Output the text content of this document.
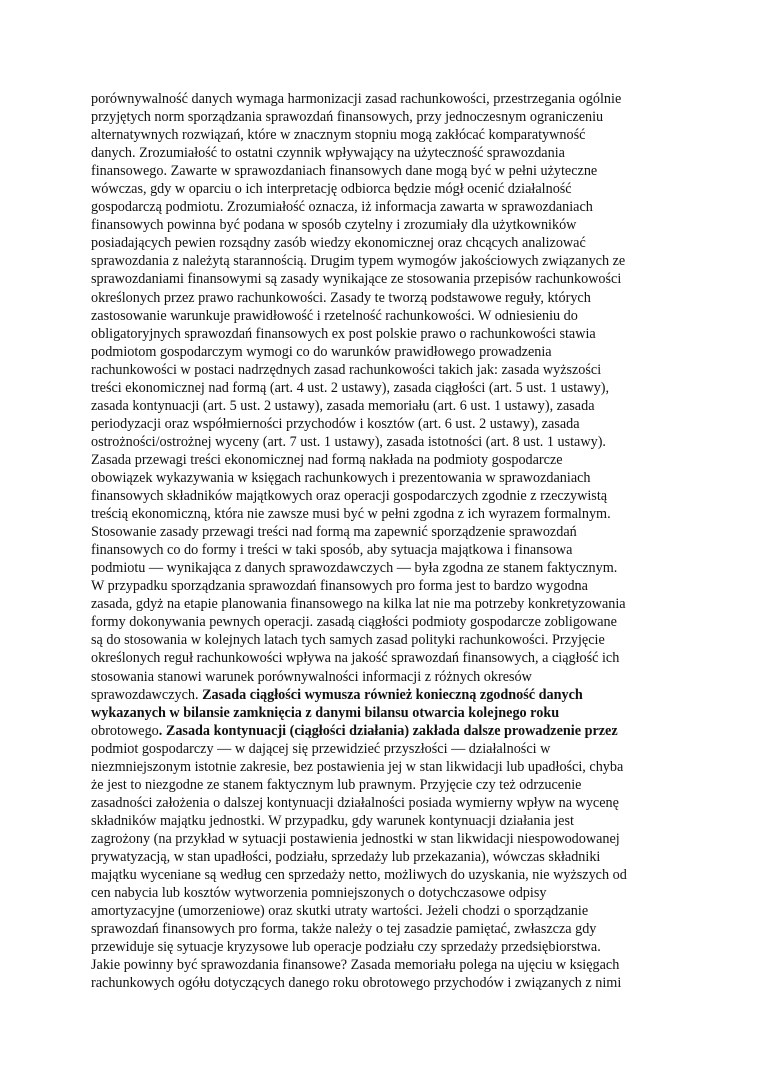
porównywalność danych wymaga harmonizacji zasad rachunkowości, przestrzegania ogólnie
przyjętych norm sporządzania sprawozdań finansowych, przy jednoczesnym ograniczeniu
alternatywnych rozwiązań, które w znacznym stopniu mogą zakłócać komparatywność
danych. Zrozumiałość to ostatni czynnik wpływający na użyteczność sprawozdania
finansowego. Zawarte w sprawozdaniach finansowych dane mogą być w pełni użyteczne
wówczas, gdy w oparciu o ich interpretację odbiorca będzie mógł ocenić działalność
gospodarczą podmiotu. Zrozumiałość oznacza, iż informacja zawarta w sprawozdaniach
finansowych powinna być podana w sposób czytelny i zrozumiały dla użytkowników
posiadających pewien rozsądny zasób wiedzy ekonomicznej oraz chcących analizować
sprawozdania z należytą starannością. Drugim typem wymogów jakościowych związanych ze
sprawozdaniami finansowymi są zasady wynikające ze stosowania przepisów rachunkowości
określonych przez prawo rachunkowości. Zasady te tworzą podstawowe reguły, których
zastosowanie warunkuje prawidłowość i rzetelność rachunkowości. W odniesieniu do
obligatoryjnych sprawozdań finansowych ex post polskie prawo o rachunkowości stawia
podmiotom gospodarczym wymogi co do warunków prawidłowego prowadzenia
rachunkowości w postaci nadrzędnych zasad rachunkowości takich jak: zasada wyższości
treści ekonomicznej nad formą (art. 4 ust. 2 ustawy), zasada ciągłości (art. 5 ust. 1 ustawy),
zasada kontynuacji (art. 5 ust. 2 ustawy), zasada memoriału (art. 6 ust. 1 ustawy), zasada
periodyzacji oraz współmierności przychodów i kosztów (art. 6 ust. 2 ustawy), zasada
ostrożności/ostrożnej wyceny (art. 7 ust. 1 ustawy), zasada istotności (art. 8 ust. 1 ustawy).
Zasada przewagi treści ekonomicznej nad formą nakłada na podmioty gospodarcze
obowiązek wykazywania w księgach rachunkowych i prezentowania w sprawozdaniach
finansowych składników majątkowych oraz operacji gospodarczych zgodnie z rzeczywistą
treścią ekonomiczną, która nie zawsze musi być w pełni zgodna z ich wyrazem formalnym.
Stosowanie zasady przewagi treści nad formą ma zapewnić sporządzenie sprawozdań
finansowych co do formy i treści w taki sposób, aby sytuacja majątkowa i finansowa
podmiotu — wynikająca z danych sprawozdawczych — była zgodna ze stanem faktycznym.
W przypadku sporządzania sprawozdań finansowych pro forma jest to bardzo wygodna
zasada, gdyż na etapie planowania finansowego na kilka lat nie ma potrzeby konkretyzowania
formy dokonywania pewnych operacji. zasadą ciągłości podmioty gospodarcze zobligowane
są do stosowania w kolejnych latach tych samych zasad polityki rachunkowości. Przyjęcie
określonych reguł rachunkowości wpływa na jakość sprawozdań finansowych, a ciągłość ich
stosowania stanowi warunek porównywalności informacji z różnych okresów
sprawozdawczych. Zasada ciągłości wymusza również konieczną zgodność danych
wykazanych w bilansie zamknięcia z danymi bilansu otwarcia kolejnego roku
obrotowego. Zasada kontynuacji (ciągłości działania) zakłada dalsze prowadzenie przez
podmiot gospodarczy — w dającej się przewidzieć przyszłości — działalności w
niezmniejszonym istotnie zakresie, bez postawienia jej w stan likwidacji lub upadłości, chyba
że jest to niezgodne ze stanem faktycznym lub prawnym. Przyjęcie czy też odrzucenie
zasadności założenia o dalszej kontynuacji działalności posiada wymierny wpływ na wycenę
składników majątku jednostki. W przypadku, gdy warunek kontynuacji działania jest
zagrożony (na przykład w sytuacji postawienia jednostki w stan likwidacji niespowodowanej
prywatyzacją, w stan upadłości, podziału, sprzedaży lub przekazania), wówczas składniki
majątku wyceniane są według cen sprzedaży netto, możliwych do uzyskania, nie wyższych od
cen nabycia lub kosztów wytworzenia pomniejszonych o dotychczasowe odpisy
amortyzacyjne (umorzeniowe) oraz skutki utraty wartości. Jeżeli chodzi o sporządzanie
sprawozdań finansowych pro forma, także należy o tej zasadzie pamiętać, zwłaszcza gdy
przewiduje się sytuacje kryzysowe lub operacje podziału czy sprzedaży przedsiębiorstwa.
Jakie powinny być sprawozdania finansowe? Zasada memoriału polega na ujęciu w księgach
rachunkowych ogółu dotyczących danego roku obrotowego przychodów i związanych z nimi
